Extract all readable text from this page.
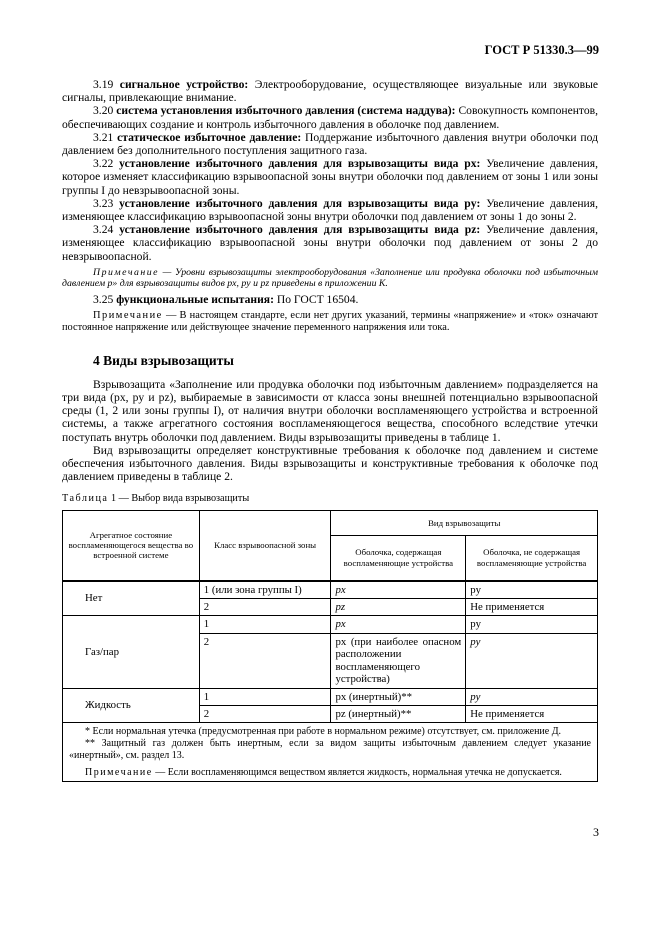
ГОСТ Р 51330.3—99

3.19 сигнальное устройство: Электрооборудование, осуществляющее визуальные или звуковые сигналы, привлекающие внимание.

3.20 система установления избыточного давления (система наддува): Совокупность компонентов, обеспечивающих создание и контроль избыточного давления в оболочке под давлением.

3.21 статическое избыточное давление: Поддержание избыточного давления внутри оболочки под давлением без дополнительного поступления защитного газа.

3.22 установление избыточного давления для взрывозащиты вида px: Увеличение давления, которое изменяет классификацию взрывоопасной зоны внутри оболочки под давлением от зоны 1 или зоны группы I до невзрывоопасной зоны.

3.23 установление избыточного давления для взрывозащиты вида py: Увеличение давления, изменяющее классификацию взрывоопасной зоны внутри оболочки под давлением от зоны 1 до зоны 2.

3.24 установление избыточного давления для взрывозащиты вида pz: Увеличение давления, изменяющее классификацию взрывоопасной зоны внутри оболочки под давлением от зоны 2 до невзрывоопасной.

Примечание — Уровни взрывозащиты электрооборудования «Заполнение или продувка оболочки под избыточным давлением p» для взрывозащиты видов px, py и pz приведены в приложении К.

3.25 функциональные испытания: По ГОСТ 16504.

Примечание — В настоящем стандарте, если нет других указаний, термины «напряжение» и «ток» означают постоянное напряжение или действующее значение переменного напряжения или тока.

4 Виды взрывозащиты

Взрывозащита «Заполнение или продувка оболочки под избыточным давлением» подразделяется на три вида (px, py и pz), выбираемые в зависимости от класса зоны внешней потенциально взрывоопасной среды (1, 2 или зоны группы I), от наличия внутри оболочки воспламеняющего устройства и встроенной системы, а также агрегатного состояния воспламеняющегося вещества, способного вследствие утечки поступать внутрь оболочки под давлением. Виды взрывозащиты приведены в таблице 1.

Вид взрывозащиты определяет конструктивные требования к оболочке под давлением и системе обеспечения избыточного давления. Виды взрывозащиты и конструктивные требования к оболочке под давлением приведены в таблице 2.

Таблица 1 — Выбор вида взрывозащиты

Агрегатное состояние воспламеняющегося вещества во встроенной системе	Класс взрывоопасной зоны	Вид взрывозащиты	
		Оболочка, содержащая воспламеняющие устройства	Оболочка, не содержащая воспламеняющие устройства
Нет	1 (или зона группы I)	px	py
	2	pz	Не применяется
Газ/пар	1	px	py
	2	px (при наиболее опасном расположении воспламеняющего устройства)	py
Жидкость	1	px (инертный)**	py
	2	pz (инертный)**	Не применяется

* Если нормальная утечка (предусмотренная при работе в нормальном режиме) отсутствует, см. приложение Д.

** Защитный газ должен быть инертным, если за видом защиты избыточным давлением следует указание «инертный», см. раздел 13.

Примечание — Если воспламеняющимся веществом является жидкость, нормальная утечка не допускается.			

3
